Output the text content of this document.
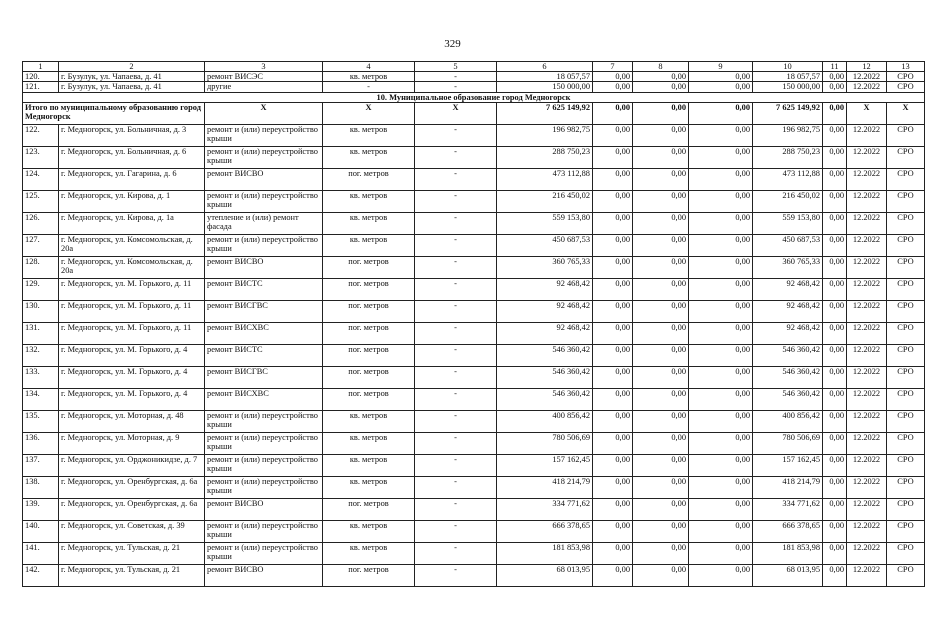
329
1	2	3	4	5	6	7	8	9	10	11	12	13
120.	г. Бузулук, ул. Чапаева, д. 41	ремонт ВИСЭС	кв. метров	-	18 057,57	0,00	0,00	0,00	18 057,57	0,00	12.2022	СРО
121.	г. Бузулук, ул. Чапаева, д. 41	другие	-	-	150 000,00	0,00	0,00	0,00	150 000,00	0,00	12.2022	СРО
10. Муниципальное образование город Медногорск												
Итого по муниципальному образованию город Медногорск		X	X	X	7 625 149,92	0,00	0,00	0,00	7 625 149,92	0,00	X	X
122.	г. Медногорск, ул. Больничная, д. 3	ремонт и (или) переустройство крыши	кв. метров	-	196 982,75	0,00	0,00	0,00	196 982,75	0,00	12.2022	СРО
123.	г. Медногорск, ул. Больничная, д. 6	ремонт и (или) переустройство крыши	кв. метров	-	288 750,23	0,00	0,00	0,00	288 750,23	0,00	12.2022	СРО
124.	г. Медногорск, ул. Гагарина, д. 6	ремонт ВИСВО	пог. метров	-	473 112,88	0,00	0,00	0,00	473 112,88	0,00	12.2022	СРО
125.	г. Медногорск, ул. Кирова, д. 1	ремонт и (или) переустройство крыши	кв. метров	-	216 450,02	0,00	0,00	0,00	216 450,02	0,00	12.2022	СРО
126.	г. Медногорск, ул. Кирова, д. 1а	утепление и (или) ремонт фасада	кв. метров	-	559 153,80	0,00	0,00	0,00	559 153,80	0,00	12.2022	СРО
127.	г. Медногорск, ул. Комсомольская, д. 20а	ремонт и (или) переустройство крыши	кв. метров	-	450 687,53	0,00	0,00	0,00	450 687,53	0,00	12.2022	СРО
128.	г. Медногорск, ул. Комсомольская, д. 20а	ремонт ВИСВО	пог. метров	-	360 765,33	0,00	0,00	0,00	360 765,33	0,00	12.2022	СРО
129.	г. Медногорск, ул. М. Горького, д. 11	ремонт ВИСТС	пог. метров	-	92 468,42	0,00	0,00	0,00	92 468,42	0,00	12.2022	СРО
130.	г. Медногорск, ул. М. Горького, д. 11	ремонт ВИСГВС	пог. метров	-	92 468,42	0,00	0,00	0,00	92 468,42	0,00	12.2022	СРО
131.	г. Медногорск, ул. М. Горького, д. 11	ремонт ВИСХВС	пог. метров	-	92 468,42	0,00	0,00	0,00	92 468,42	0,00	12.2022	СРО
132.	г. Медногорск, ул. М. Горького, д. 4	ремонт ВИСТС	пог. метров	-	546 360,42	0,00	0,00	0,00	546 360,42	0,00	12.2022	СРО
133.	г. Медногорск, ул. М. Горького, д. 4	ремонт ВИСГВС	пог. метров	-	546 360,42	0,00	0,00	0,00	546 360,42	0,00	12.2022	СРО
134.	г. Медногорск, ул. М. Горького, д. 4	ремонт ВИСХВС	пог. метров	-	546 360,42	0,00	0,00	0,00	546 360,42	0,00	12.2022	СРО
135.	г. Медногорск, ул. Моторная, д. 48	ремонт и (или) переустройство крыши	кв. метров	-	400 856,42	0,00	0,00	0,00	400 856,42	0,00	12.2022	СРО
136.	г. Медногорск, ул. Моторная, д. 9	ремонт и (или) переустройство крыши	кв. метров	-	780 506,69	0,00	0,00	0,00	780 506,69	0,00	12.2022	СРО
137.	г. Медногорск, ул. Орджоникидзе, д. 7	ремонт и (или) переустройство крыши	кв. метров	-	157 162,45	0,00	0,00	0,00	157 162,45	0,00	12.2022	СРО
138.	г. Медногорск, ул. Оренбургская, д. 6а	ремонт и (или) переустройство крыши	кв. метров	-	418 214,79	0,00	0,00	0,00	418 214,79	0,00	12.2022	СРО
139.	г. Медногорск, ул. Оренбургская, д. 6а	ремонт ВИСВО	пог. метров	-	334 771,62	0,00	0,00	0,00	334 771,62	0,00	12.2022	СРО
140.	г. Медногорск, ул. Советская, д. 39	ремонт и (или) переустройство крыши	кв. метров	-	666 378,65	0,00	0,00	0,00	666 378,65	0,00	12.2022	СРО
141.	г. Медногорск, ул. Тульская, д. 21	ремонт и (или) переустройство крыши	кв. метров	-	181 853,98	0,00	0,00	0,00	181 853,98	0,00	12.2022	СРО
142.	г. Медногорск, ул. Тульская, д. 21	ремонт ВИСВО	пог. метров	-	68 013,95	0,00	0,00	0,00	68 013,95	0,00	12.2022	СРО
